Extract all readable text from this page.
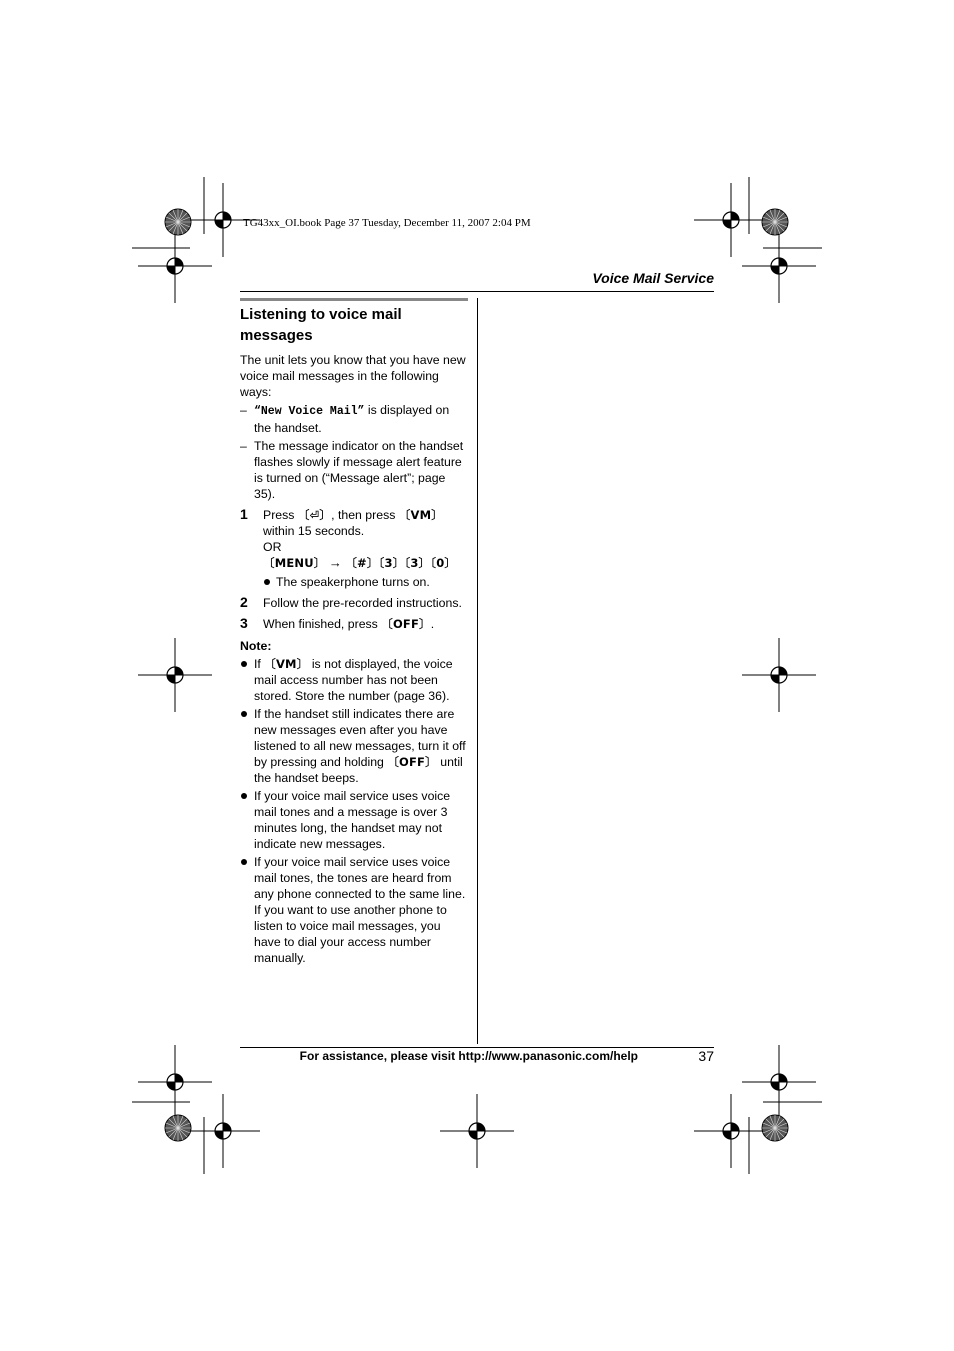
TG43xx_OI.book Page 37 Tuesday, December 11, 2007 2:04 PM
Voice Mail Service
Listening to voice mail messages

The unit lets you know that you have new voice mail messages in the following ways:

– “New Voice Mail” is displayed on the handset.
– The message indicator on the handset flashes slowly if message alert feature is turned on (“Message alert”; page 35).
1 Press 〔⏎〕, then press 〔VM〕 within 15 seconds.
OR
〔MENU〕 → 〔#〕〔3〕〔3〕〔0〕
The speakerphone turns on.
2 Follow the pre-recorded instructions.
3 When finished, press 〔OFF〕.
Note:
If 〔VM〕 is not displayed, the voice mail access number has not been stored. Store the number (page 36).
If the handset still indicates there are new messages even after you have listened to all new messages, turn it off by pressing and holding 〔OFF〕 until the handset beeps.
If your voice mail service uses voice mail tones and a message is over 3 minutes long, the handset may not indicate new messages.
If your voice mail service uses voice mail tones, the tones are heard from any phone connected to the same line. If you want to use another phone to listen to voice mail messages, you have to dial your access number manually.
For assistance, please visit http://www.panasonic.com/help	37
